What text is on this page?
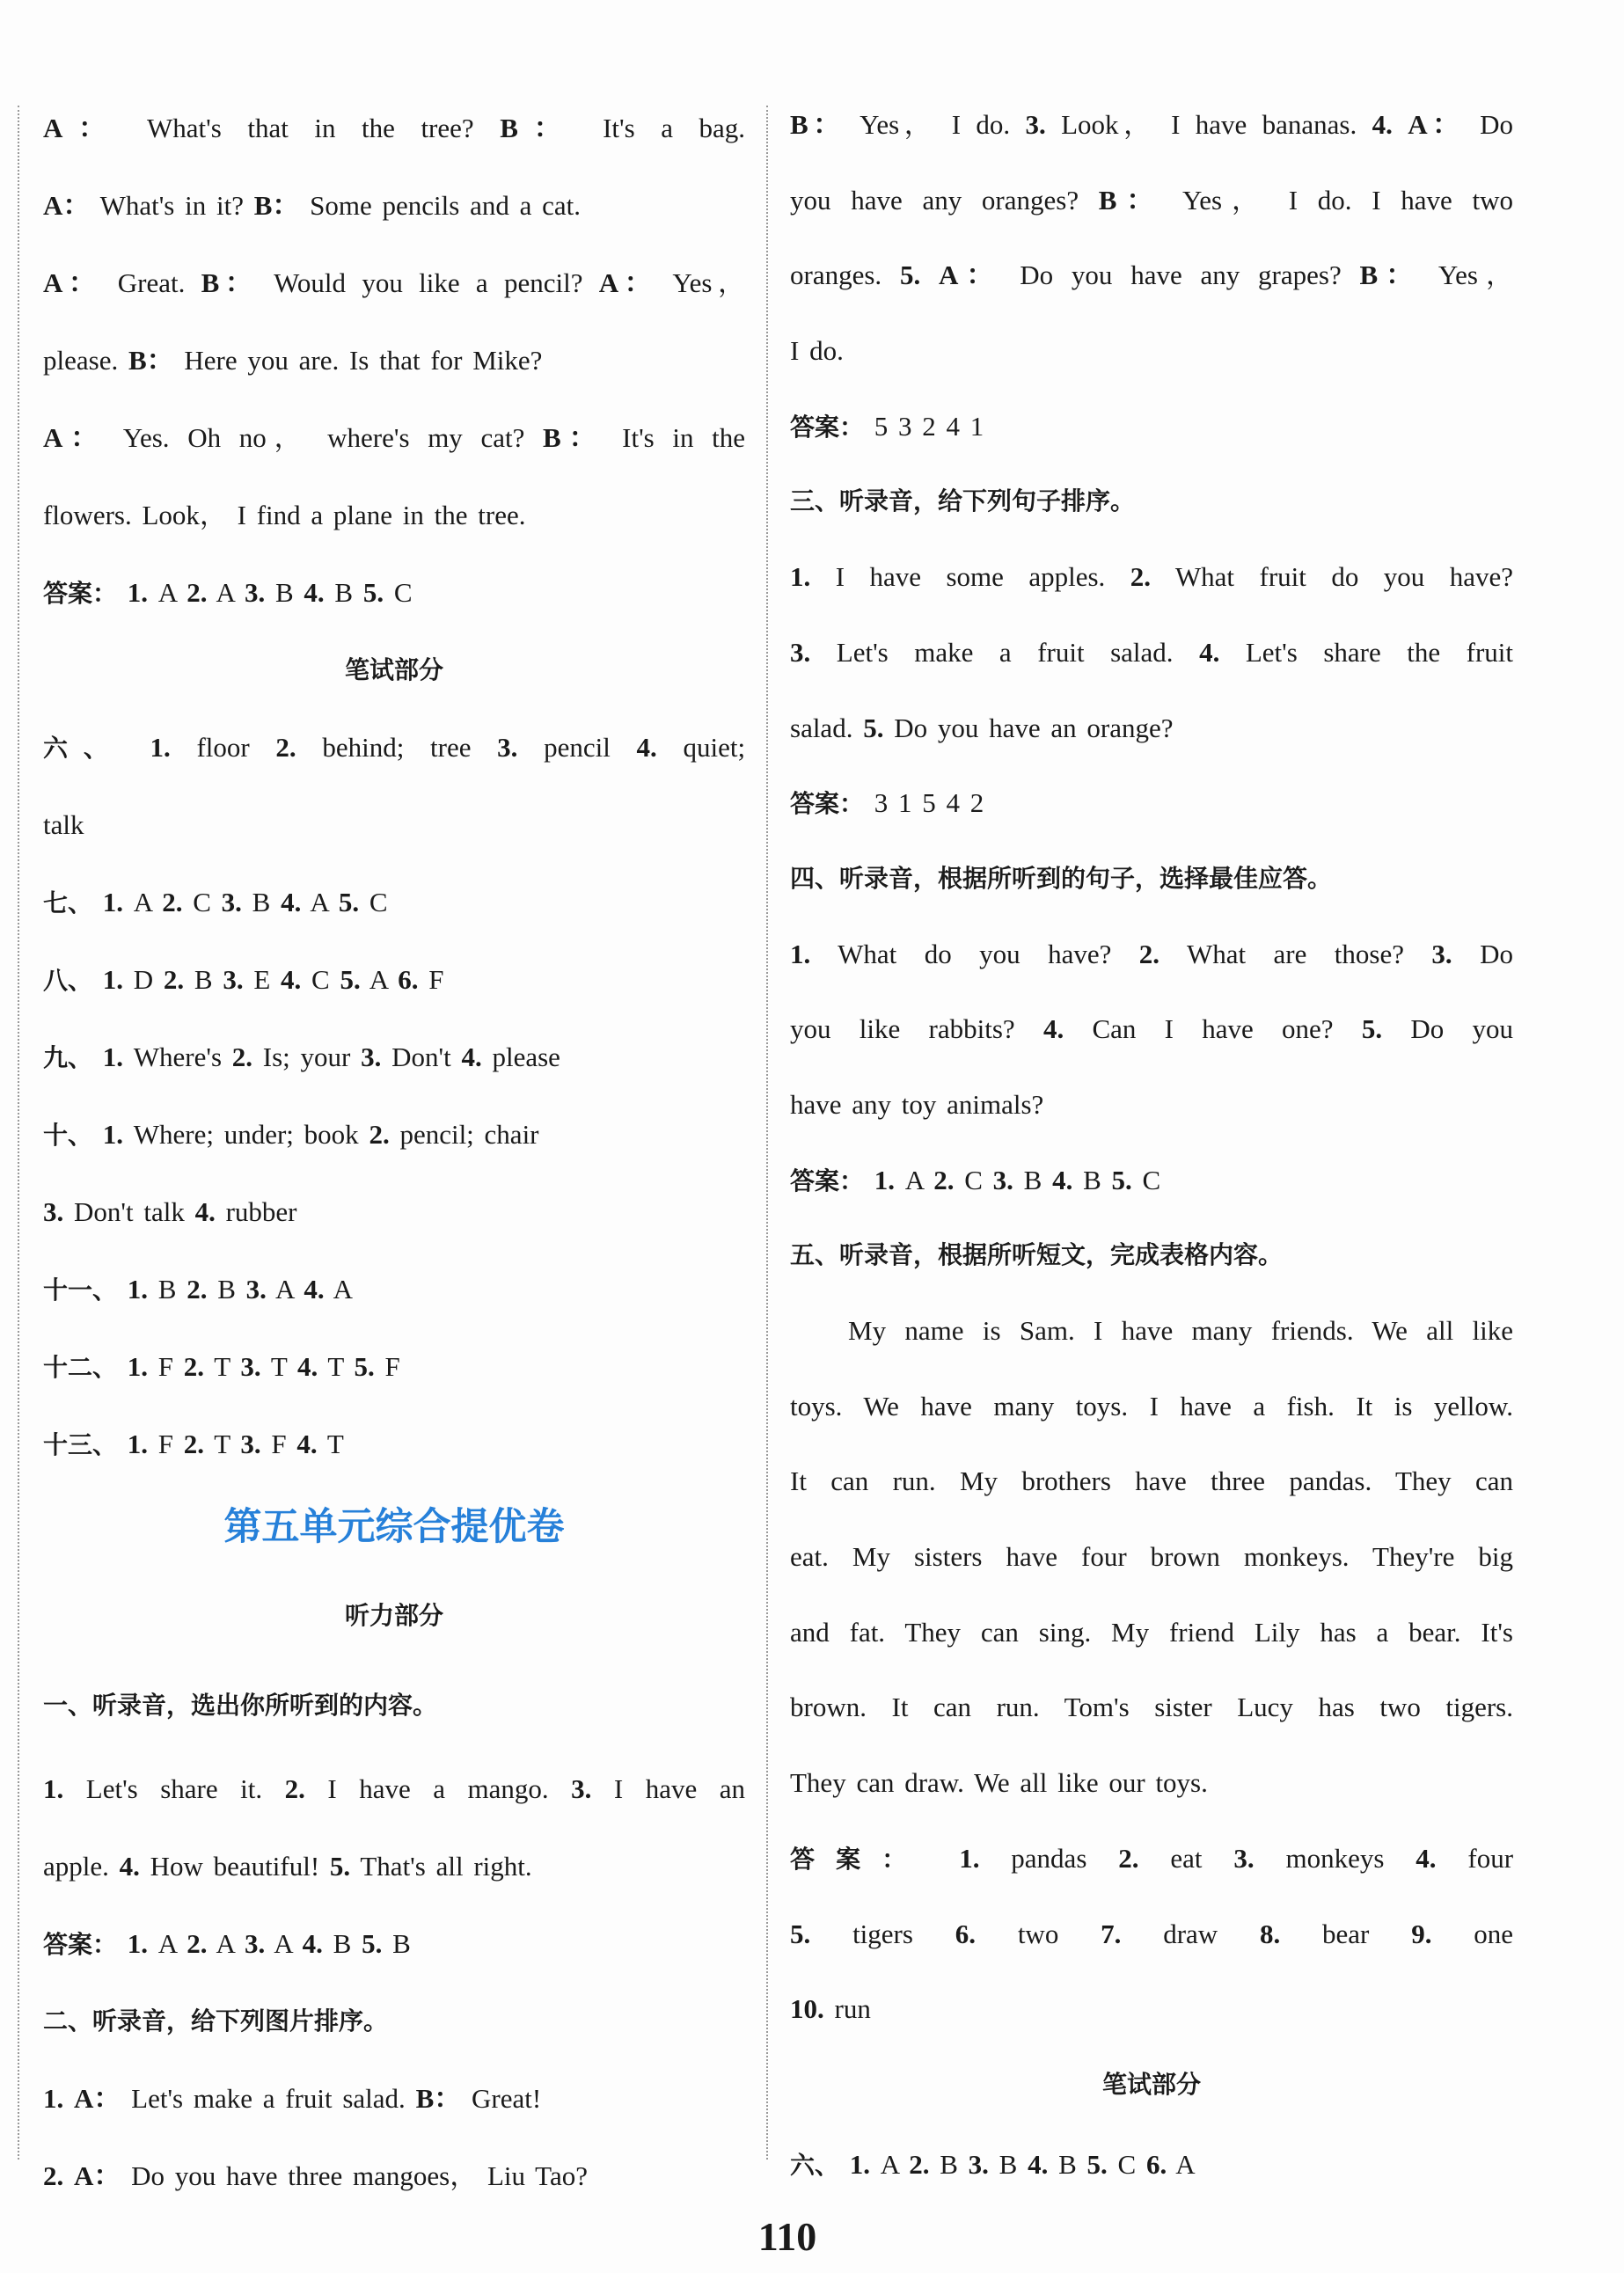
A： What's that in the tree? B： It's a bag.
A： What's in it? B： Some pencils and a cat.
A： Great. B： Would you like a pencil? A： Yes，
please. B： Here you are. Is that for Mike?
A： Yes. Oh no， where's my cat? B： It's in the
flowers. Look， I find a plane in the tree.
答案： 1. A 2. A 3. B 4. B 5. C
笔试部分
六、 1. floor 2. behind; tree 3. pencil 4. quiet;
talk
七、 1. A 2. C 3. B 4. A 5. C
八、 1. D 2. B 3. E 4. C 5. A 6. F
九、 1. Where's 2. Is; your 3. Don't 4. please
十、 1. Where; under; book 2. pencil; chair
3. Don't talk 4. rubber
十一、 1. B 2. B 3. A 4. A
十二、 1. F 2. T 3. T 4. T 5. F
十三、 1. F 2. T 3. F 4. T
第五单元综合提优卷
听力部分
一、听录音，选出你所听到的内容。
1. Let's share it. 2. I have a mango. 3. I have an
apple. 4. How beautiful! 5. That's all right.
答案： 1. A 2. A 3. A 4. B 5. B
二、听录音，给下列图片排序。
1. A： Let's make a fruit salad. B： Great!
2. A： Do you have three mangoes， Liu Tao?
B： Yes， I do. 3. Look， I have bananas. 4. A： Do
you have any oranges? B： Yes， I do. I have two
oranges. 5. A： Do you have any grapes? B： Yes，
I do.
答案： 5 3 2 4 1
三、听录音，给下列句子排序。
1. I have some apples. 2. What fruit do you have?
3. Let's make a fruit salad. 4. Let's share the fruit
salad. 5. Do you have an orange?
答案： 3 1 5 4 2
四、听录音，根据所听到的句子，选择最佳应答。
1. What do you have? 2. What are those? 3. Do
you like rabbits? 4. Can I have one? 5. Do you
have any toy animals?
答案： 1. A 2. C 3. B 4. B 5. C
五、听录音，根据所听短文，完成表格内容。
My name is Sam. I have many friends. We all like
toys. We have many toys. I have a fish. It is yellow.
It can run. My brothers have three pandas. They can
eat. My sisters have four brown monkeys. They're big
and fat. They can sing. My friend Lily has a bear. It's
brown. It can run. Tom's sister Lucy has two tigers.
They can draw. We all like our toys.
答案： 1. pandas 2. eat 3. monkeys 4. four
5. tigers 6. two 7. draw 8. bear 9. one
10. run
笔试部分
六、 1. A 2. B 3. B 4. B 5. C 6. A
110
